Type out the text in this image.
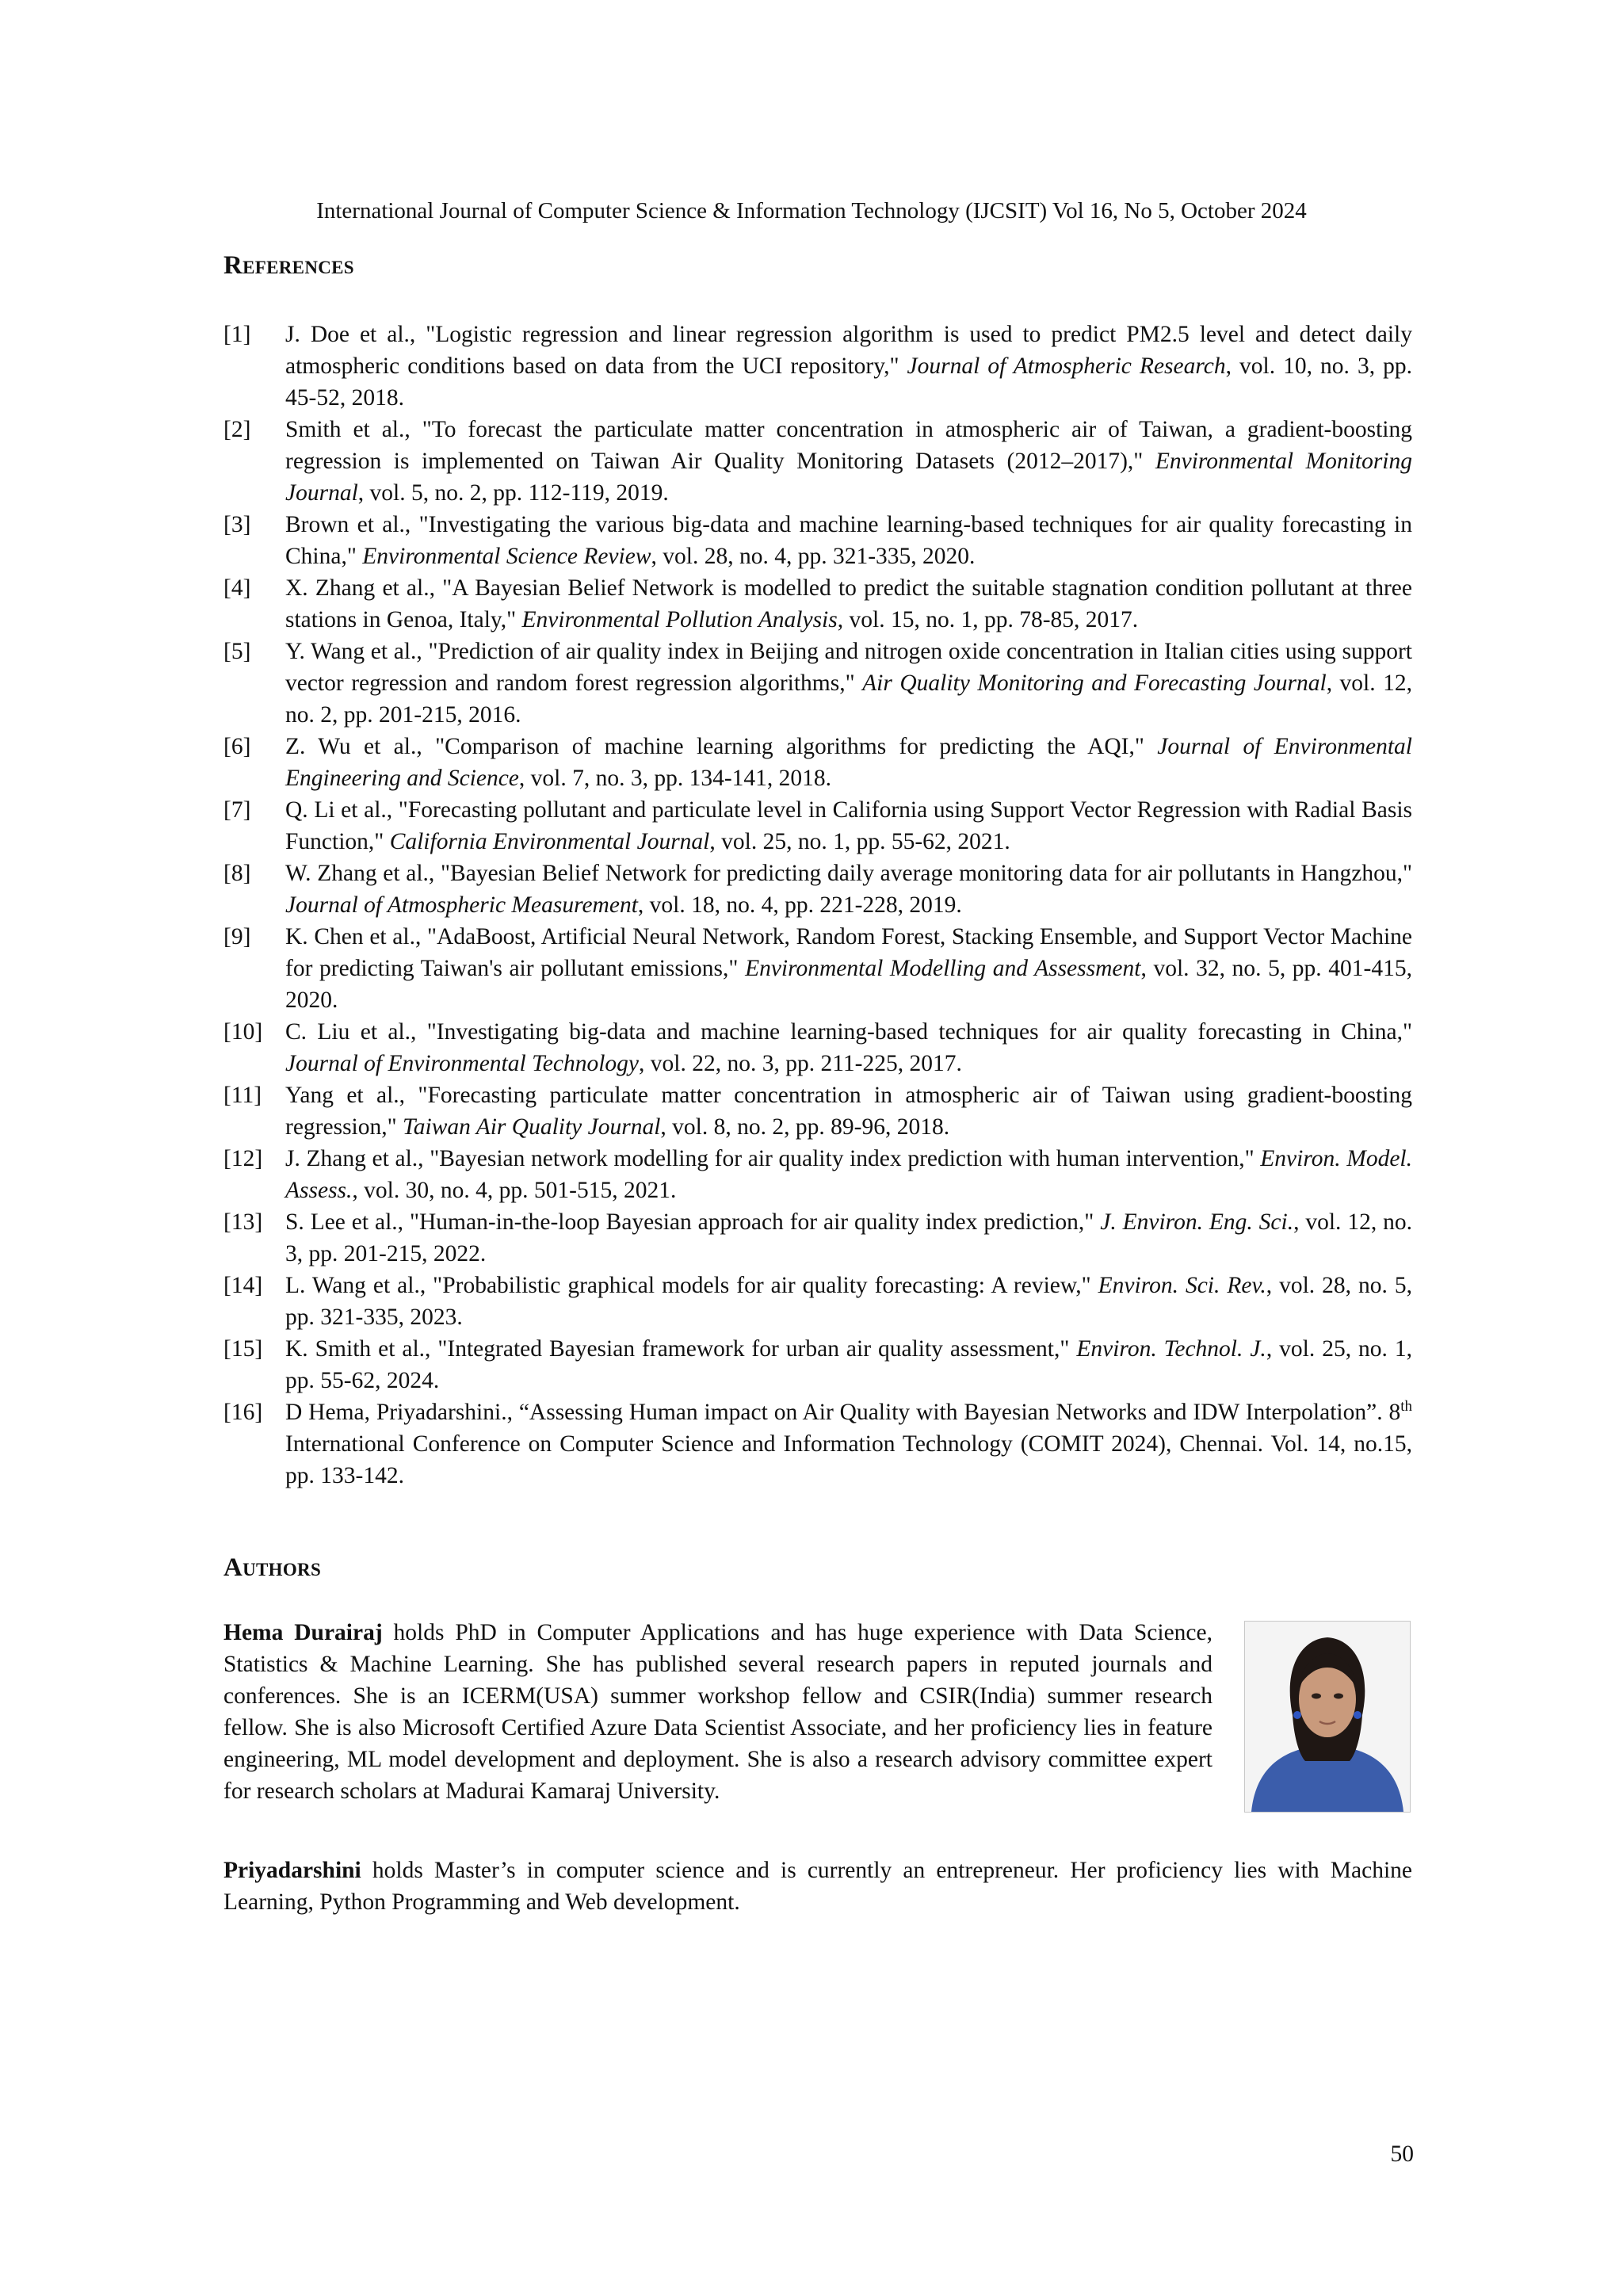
International Journal of Computer Science & Information Technology (IJCSIT) Vol 16, No 5, October 2024
References
[1]	J. Doe et al., "Logistic regression and linear regression algorithm is used to predict PM2.5 level and detect daily atmospheric conditions based on data from the UCI repository," Journal of Atmospheric Research, vol. 10, no. 3, pp. 45-52, 2018.
[2]	Smith et al., "To forecast the particulate matter concentration in atmospheric air of Taiwan, a gradient-boosting regression is implemented on Taiwan Air Quality Monitoring Datasets (2012–2017)," Environmental Monitoring Journal, vol. 5, no. 2, pp. 112-119, 2019.
[3]	Brown et al., "Investigating the various big-data and machine learning-based techniques for air quality forecasting in China," Environmental Science Review, vol. 28, no. 4, pp. 321-335, 2020.
[4]	X. Zhang et al., "A Bayesian Belief Network is modelled to predict the suitable stagnation condition pollutant at three stations in Genoa, Italy," Environmental Pollution Analysis, vol. 15, no. 1, pp. 78-85, 2017.
[5]	Y. Wang et al., "Prediction of air quality index in Beijing and nitrogen oxide concentration in Italian cities using support vector regression and random forest regression algorithms," Air Quality Monitoring and Forecasting Journal, vol. 12, no. 2, pp. 201-215, 2016.
[6]	Z. Wu et al., "Comparison of machine learning algorithms for predicting the AQI," Journal of Environmental Engineering and Science, vol. 7, no. 3, pp. 134-141, 2018.
[7]	Q. Li et al., "Forecasting pollutant and particulate level in California using Support Vector Regression with Radial Basis Function," California Environmental Journal, vol. 25, no. 1, pp. 55-62, 2021.
[8]	W. Zhang et al., "Bayesian Belief Network for predicting daily average monitoring data for air pollutants in Hangzhou," Journal of Atmospheric Measurement, vol. 18, no. 4, pp. 221-228, 2019.
[9]	K. Chen et al., "AdaBoost, Artificial Neural Network, Random Forest, Stacking Ensemble, and Support Vector Machine for predicting Taiwan's air pollutant emissions," Environmental Modelling and Assessment, vol. 32, no. 5, pp. 401-415, 2020.
[10] C. Liu et al., "Investigating big-data and machine learning-based techniques for air quality forecasting in China," Journal of Environmental Technology, vol. 22, no. 3, pp. 211-225, 2017.
[11]	Yang et al., "Forecasting particulate matter concentration in atmospheric air of Taiwan using gradient-boosting regression," Taiwan Air Quality Journal, vol. 8, no. 2, pp. 89-96, 2018.
[12] J. Zhang et al., "Bayesian network modelling for air quality index prediction with human intervention," Environ. Model. Assess., vol. 30, no. 4, pp. 501-515, 2021.
[13] S. Lee et al., "Human-in-the-loop Bayesian approach for air quality index prediction," J. Environ. Eng. Sci., vol. 12, no. 3, pp. 201-215, 2022.
[14] L. Wang et al., "Probabilistic graphical models for air quality forecasting: A review," Environ. Sci. Rev., vol. 28, no. 5, pp. 321-335, 2023.
[15] K. Smith et al., "Integrated Bayesian framework for urban air quality assessment," Environ. Technol. J., vol. 25, no. 1, pp. 55-62, 2024.
[16] D Hema, Priyadarshini., “Assessing Human impact on Air Quality with Bayesian Networks and IDW Interpolation”. 8th International Conference on Computer Science and Information Technology (COMIT 2024), Chennai. Vol. 14, no.15, pp. 133-142.
Authors
Hema Durairaj holds PhD in Computer Applications and has huge experience with Data Science, Statistics & Machine Learning. She has published several research papers in reputed journals and conferences. She is an ICERM(USA) summer workshop fellow and CSIR(India) summer research fellow. She is also Microsoft Certified Azure Data Scientist Associate, and her proficiency lies in feature engineering, ML model development and deployment. She is also a research advisory committee expert for research scholars at Madurai Kamaraj University.
Priyadarshini holds Master’s in computer science and is currently an entrepreneur. Her proficiency lies with Machine Learning, Python Programming and Web development.
50
